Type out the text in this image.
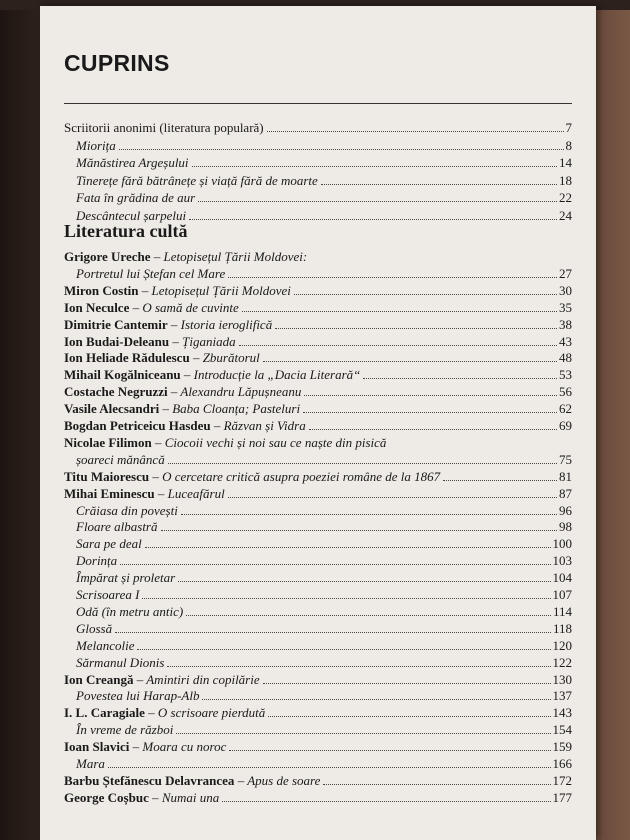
CUPRINS
Literatura cultă
Scriitorii anonimi (literatura populară)	7
Miorița	8
Mănăstirea Argeșului	14
Tinerețe fără bătrânețe și viață fără de moarte	18
Fata în grădina de aur	22
Descântecul șarpelui	24
Grigore Ureche – Letopisețul Țării Moldovei:
Portretul lui Ștefan cel Mare	27
Miron Costin – Letopisețul Țării Moldovei	30
Ion Neculce – O samă de cuvinte	35
Dimitrie Cantemir – Istoria ieroglifică	38
Ion Budai-Deleanu – Țiganiada	43
Ion Heliade Rădulescu – Zburătorul	48
Mihail Kogălniceanu – Introducție la „Dacia Literară“	53
Costache Negruzzi – Alexandru Lăpușneanu	56
Vasile Alecsandri – Baba Cloanța; Pasteluri	62
Bogdan Petriceicu Hasdeu – Răzvan și Vidra	69
Nicolae Filimon – Ciocoii vechi și noi sau ce naște din pisică
șoareci mănâncă	75
Titu Maiorescu – O cercetare critică asupra poeziei române de la 1867	81
Mihai Eminescu – Luceafărul	87
Crăiasa din povești	96
Floare albastră	98
Sara pe deal	100
Dorința	103
Împărat și proletar	104
Scrisoarea I	107
Odă (în metru antic)	114
Glossă	118
Melancolie	120
Sărmanul Dionis	122
Ion Creangă – Amintiri din copilărie	130
Povestea lui Harap-Alb	137
I. L. Caragiale – O scrisoare pierdută	143
În vreme de război	154
Ioan Slavici – Moara cu noroc	159
Mara	166
Barbu Ștefănescu Delavrancea – Apus de soare	172
George Coșbuc – Numai una	177
